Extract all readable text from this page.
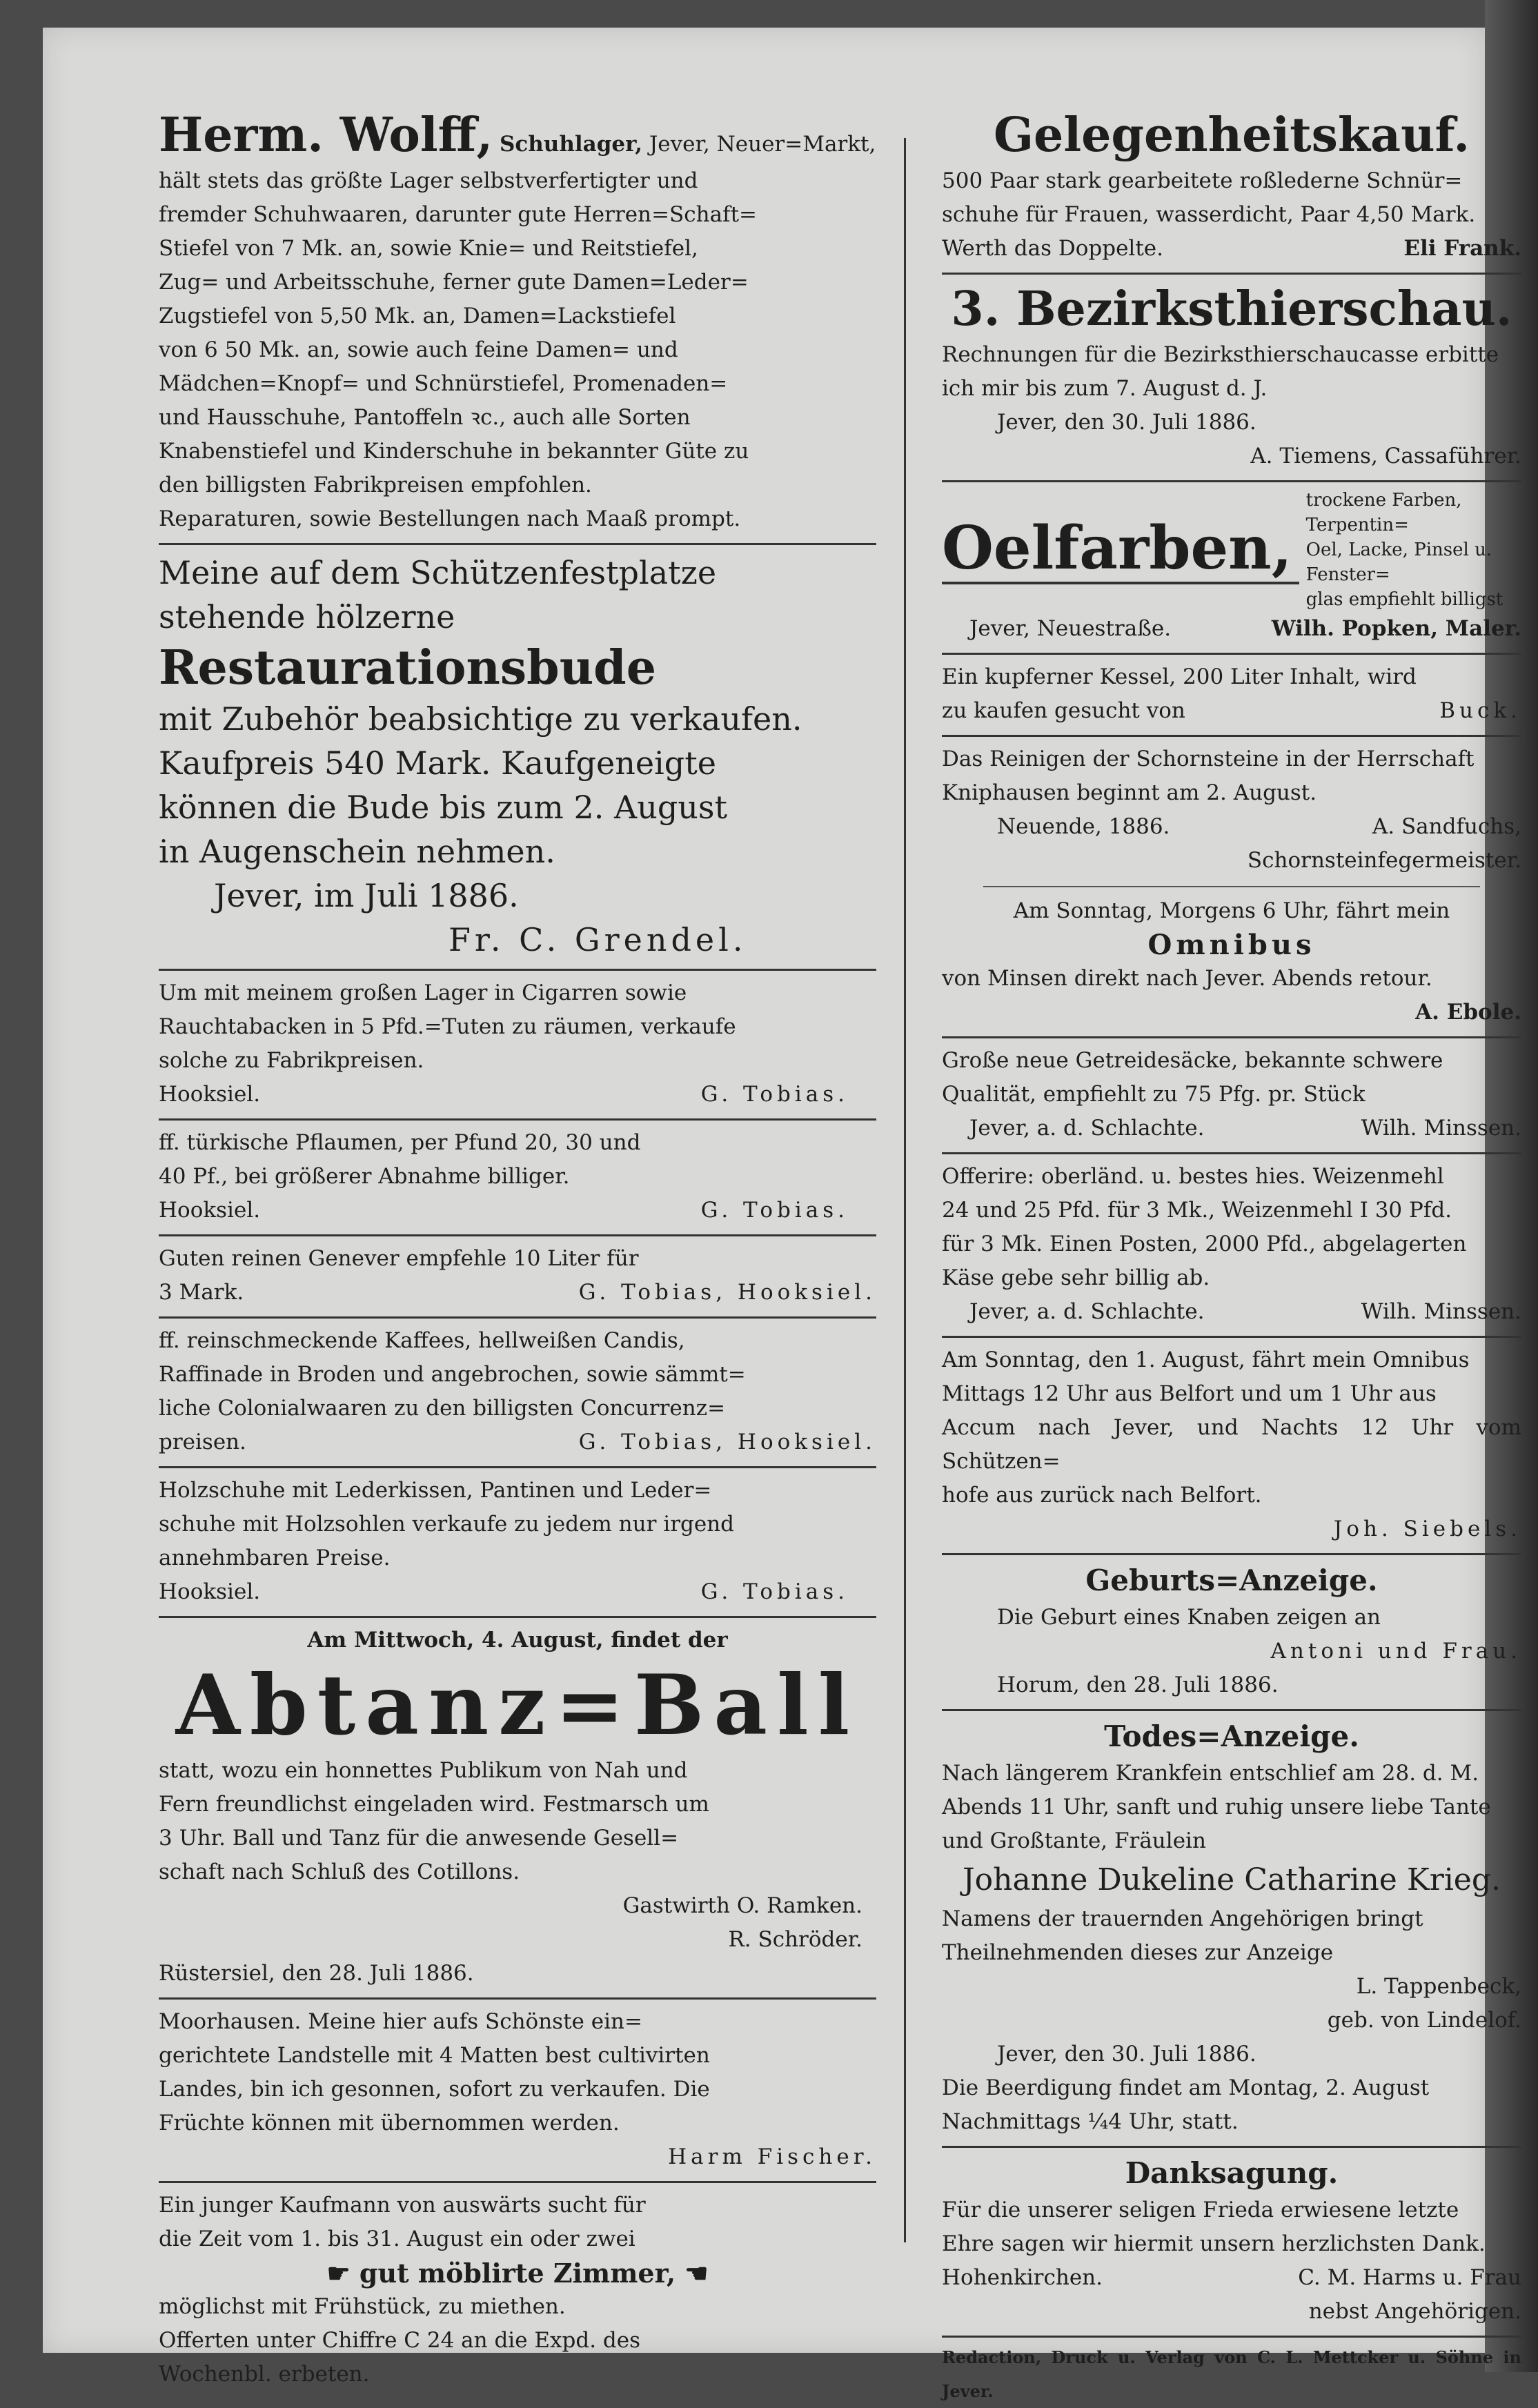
Herm. Wolff, Schuhlager, Jever, Neuer=Markt,

hält stets das größte Lager selbstverfertigter und

fremder Schuhwaaren, darunter gute Herren=Schaft=

Stiefel von 7 Mk. an, sowie Knie= und Reitstiefel,

Zug= und Arbeitsschuhe, ferner gute Damen=Leder=

Zugstiefel von 5,50 Mk. an, Damen=Lackstiefel

von 6 50 Mk. an, sowie auch feine Damen= und

Mädchen=Knopf= und Schnürstiefel, Promenaden=

und Hausschuhe, Pantoffeln ꝛc., auch alle Sorten

Knabenstiefel und Kinderschuhe in bekannter Güte zu

den billigsten Fabrikpreisen empfohlen.

Reparaturen, sowie Bestellungen nach Maaß prompt.

Meine auf dem Schützenfestplatze

stehende hölzerne

Restaurationsbude

mit Zubehör beabsichtige zu verkaufen.

Kaufpreis 540 Mark. Kaufgeneigte

können die Bude bis zum 2. August

in Augenschein nehmen.

Jever, im Juli 1886.

Fr. C. Grendel.

Um mit meinem großen Lager in Cigarren sowie

Rauchtabacken in 5 Pfd.=Tuten zu räumen, verkaufe

solche zu Fabrikpreisen.

Hooksiel.	G. Tobias.

ff. türkische Pflaumen, per Pfund 20, 30 und

40 Pf., bei größerer Abnahme billiger.

Hooksiel.	G. Tobias.

Guten reinen Genever empfehle 10 Liter für

3 Mark.	G. Tobias, Hooksiel.

ff. reinschmeckende Kaffees, hellweißen Candis,

Raffinade in Broden und angebrochen, sowie sämmt=

liche Colonialwaaren zu den billigsten Concurrenz=

preisen.	G. Tobias, Hooksiel.

Holzschuhe mit Lederkissen, Pantinen und Leder=

schuhe mit Holzsohlen verkaufe zu jedem nur irgend

annehmbaren Preise.

Hooksiel.	G. Tobias.

Am Mittwoch, 4. August, findet der

Abtanz=Ball

statt, wozu ein honnettes Publikum von Nah und

Fern freundlichst eingeladen wird. Festmarsch um

3 Uhr. Ball und Tanz für die anwesende Gesell=

schaft nach Schluß des Cotillons.

Gastwirth O. Ramken.

R. Schröder.

Rüstersiel, den 28. Juli 1886.

Moorhausen. Meine hier aufs Schönste ein=

gerichtete Landstelle mit 4 Matten best cultivirten

Landes, bin ich gesonnen, sofort zu verkaufen. Die

Früchte können mit übernommen werden.

Harm Fischer.

Ein junger Kaufmann von auswärts sucht für

die Zeit vom 1. bis 31. August ein oder zwei

☛ gut möblirte Zimmer, ☚

möglichst mit Frühstück, zu miethen.

Offerten unter Chiffre C 24 an die Expd. des

Wochenbl. erbeten.

Gelegenheitskauf.

500 Paar stark gearbeitete roßlederne Schnür=

schuhe für Frauen, wasserdicht, Paar 4,50 Mark.

Werth das Doppelte.	Eli Frank.

3. Bezirksthierschau.

Rechnungen für die Bezirksthierschaucasse erbitte

ich mir bis zum 7. August d. J.

Jever, den 30. Juli 1886.

A. Tiemens, Cassaführer.

Oelfarben,

trockene Farben, Terpentin=

Oel, Lacke, Pinsel u. Fenster=

glas empfiehlt billigst

Jever, Neuestraße.	Wilh. Popken, Maler.

Ein kupferner Kessel, 200 Liter Inhalt, wird

zu kaufen gesucht von	Buck.

Das Reinigen der Schornsteine in der Herrschaft

Kniphausen beginnt am 2. August.

Neuende, 1886.	A. Sandfuchs,

Schornsteinfegermeister.

Am Sonntag, Morgens 6 Uhr, fährt mein

Omnibus

von Minsen direkt nach Jever. Abends retour.

A. Ebole.

Große neue Getreidesäcke, bekannte schwere

Qualität, empfiehlt zu 75 Pfg. pr. Stück

Jever, a. d. Schlachte.	Wilh. Minssen.

Offerire: oberländ. u. bestes hies. Weizenmehl

24 und 25 Pfd. für 3 Mk., Weizenmehl I 30 Pfd.

für 3 Mk. Einen Posten, 2000 Pfd., abgelagerten

Käse gebe sehr billig ab.

Jever, a. d. Schlachte.	Wilh. Minssen.

Am Sonntag, den 1. August, fährt mein Omnibus

Mittags 12 Uhr aus Belfort und um 1 Uhr aus

Accum nach Jever, und Nachts 12 Uhr vom Schützen=

hofe aus zurück nach Belfort.

Joh. Siebels.

Geburts=Anzeige.

Die Geburt eines Knaben zeigen an

Antoni und Frau.

Horum, den 28. Juli 1886.

Todes=Anzeige.

Nach längerem Krankfein entschlief am 28. d. M.

Abends 11 Uhr, sanft und ruhig unsere liebe Tante

und Großtante, Fräulein

Johanne Dukeline Catharine Krieg.

Namens der trauernden Angehörigen bringt

Theilnehmenden dieses zur Anzeige

L. Tappenbeck,

geb. von Lindelof.

Jever, den 30. Juli 1886.

Die Beerdigung findet am Montag, 2. August

Nachmittags ¼4 Uhr, statt.

Danksagung.

Für die unserer seligen Frieda erwiesene letzte

Ehre sagen wir hiermit unsern herzlichsten Dank.

Hohenkirchen.	C. M. Harms u. Frau

nebst Angehörigen.

Redaction, Druck u. Verlag von C. L. Mettcker u. Söhne in Jever.
